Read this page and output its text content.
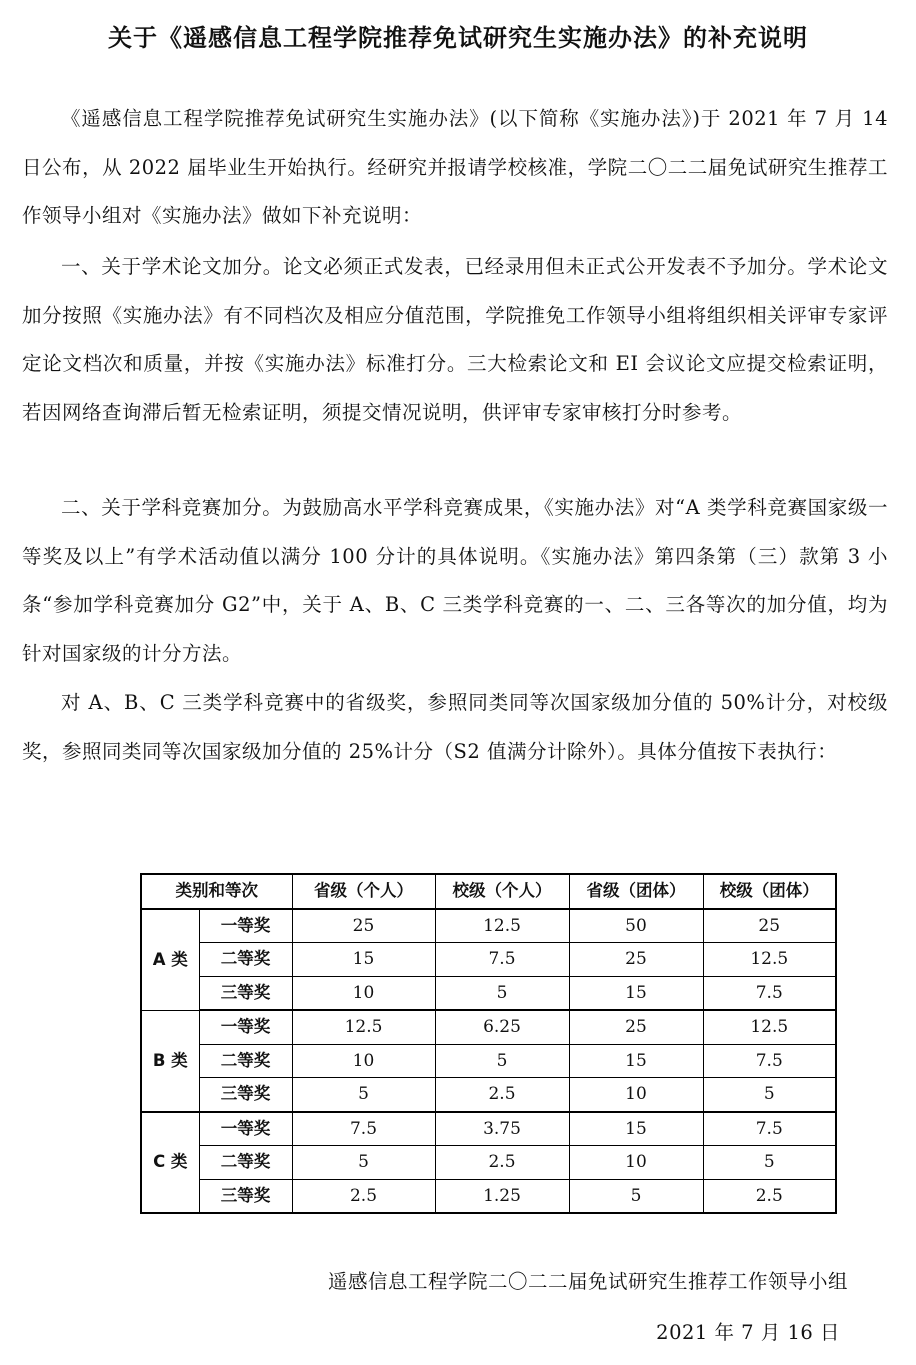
关于《遥感信息工程学院推荐免试研究生实施办法》的补充说明

《遥感信息工程学院推荐免试研究生实施办法》(以下简称《实施办法》)于 2021 年 7 月 14 日公布，从 2022 届毕业生开始执行。经研究并报请学校核准，学院二〇二二届免试研究生推荐工作领导小组对《实施办法》做如下补充说明：

一、关于学术论文加分。论文必须正式发表，已经录用但未正式公开发表不予加分。学术论文加分按照《实施办法》有不同档次及相应分值范围，学院推免工作领导小组将组织相关评审专家评定论文档次和质量，并按《实施办法》标准打分。三大检索论文和 EI 会议论文应提交检索证明，若因网络查询滞后暂无检索证明，须提交情况说明，供评审专家审核打分时参考。

二、关于学科竞赛加分。为鼓励高水平学科竞赛成果，《实施办法》对“A 类学科竞赛国家级一等奖及以上”有学术活动值以满分 100 分计的具体说明。《实施办法》第四条第（三）款第 3 小条“参加学科竞赛加分 G2”中，关于 A、B、C 三类学科竞赛的一、二、三各等次的加分值，均为针对国家级的计分方法。

对 A、B、C 三类学科竞赛中的省级奖，参照同类同等次国家级加分值的 50%计分，对校级奖，参照同类同等次国家级加分值的 25%计分（S2 值满分计除外）。具体分值按下表执行：

类别和等次		省级（个人）	校级（个人）	省级（团体）	校级（团体）
A 类	一等奖	25	12.5	50	25
	二等奖	15	7.5	25	12.5
	三等奖	10	5	15	7.5
B 类	一等奖	12.5	6.25	25	12.5
	二等奖	10	5	15	7.5
	三等奖	5	2.5	10	5
C 类	一等奖	7.5	3.75	15	7.5
	二等奖	5	2.5	10	5
	三等奖	2.5	1.25	5	2.5
遥感信息工程学院二〇二二届免试研究生推荐工作领导小组
2021 年 7 月 16 日
